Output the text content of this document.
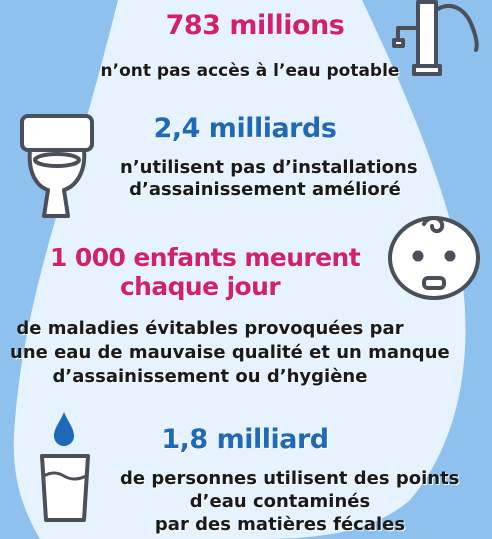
783 millions
n’ont pas accès à l’eau potable
2,4 milliards
n’utilisent pas d’installations
d’assainissement amélioré
1 000 enfants meurent
chaque jour
de maladies évitables provoquées par
une eau de mauvaise qualité et un manque
d’assainissement ou d’hygiène
1,8 milliard
de personnes utilisent des points
d’eau contaminés
par des matières fécales
